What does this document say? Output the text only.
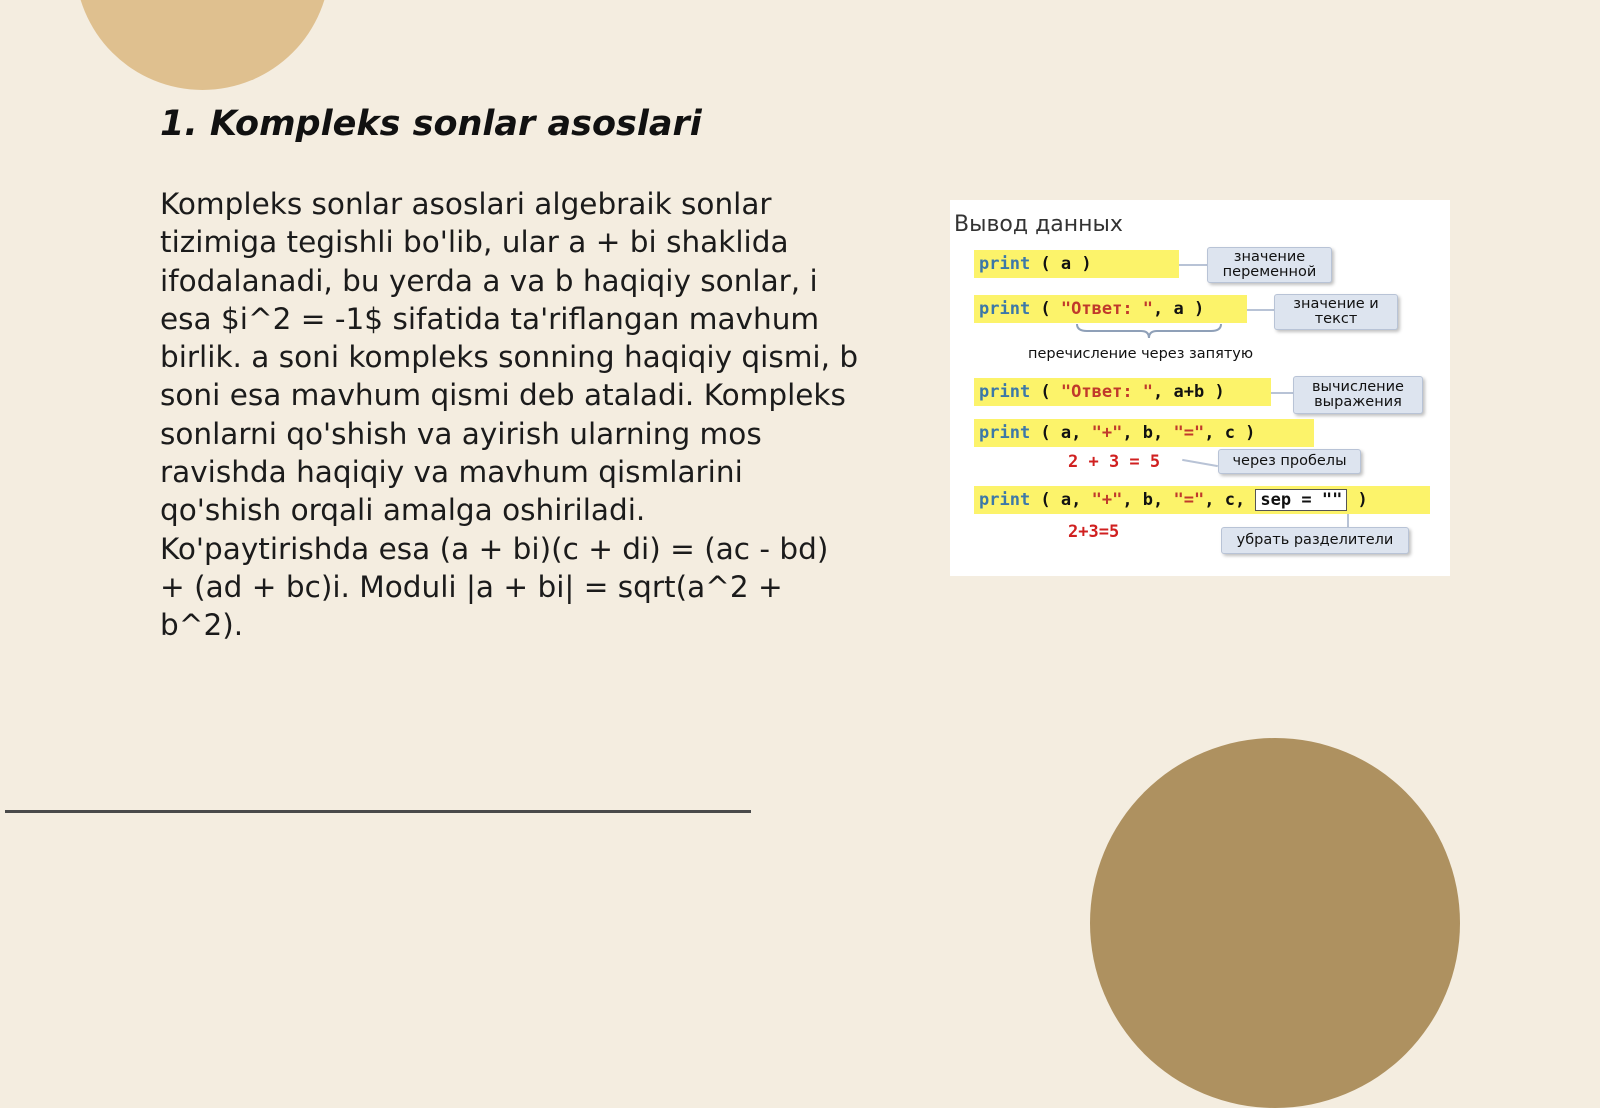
1. Kompleks sonlar asoslari

Kompleks sonlar asoslari algebraik sonlar tizimiga tegishli bo'lib, ular a + bi shaklida ifodalanadi, bu yerda a va b haqiqiy sonlar, i esa $i^2 = -1$ sifatida ta'riflangan mavhum birlik. a soni kompleks sonning haqiqiy qismi, b soni esa mavhum qismi deb ataladi. Kompleks sonlarni qo'shish va ayirish ularning mos ravishda haqiqiy va mavhum qismlarini qo'shish orqali amalga oshiriladi. Ko'paytirishda esa (a + bi)(c + di) = (ac - bd) + (ad + bc)i. Moduli |a + bi| = sqrt(a^2 + b^2).

Вывод данных
print ( a )	значение переменной
print ( "Ответ: ", a )	значение и текст
перечисление через запятую
print ( "Ответ: ", a+b )	вычисление выражения
print ( a, "+", b, "=", c )
2 + 3 = 5	через пробелы
print ( a, "+", b, "=", c, sep = "" )
2+3=5	убрать разделители
